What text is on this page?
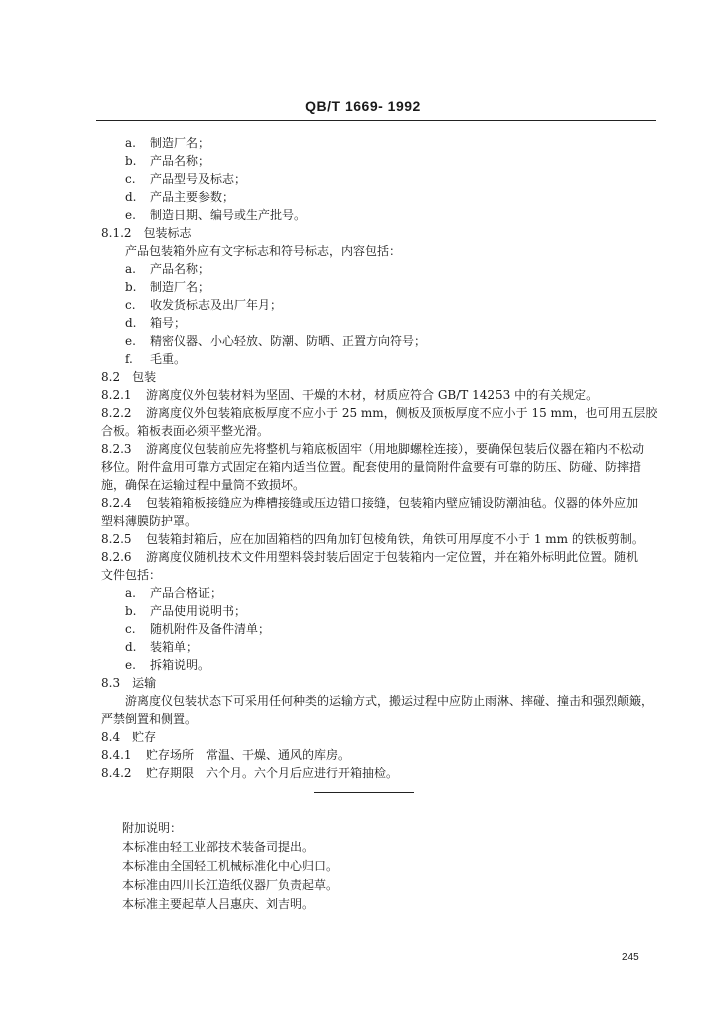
QB/T 1669- 1992
a. 制造厂名；
b. 产品名称；
c. 产品型号及标志；
d. 产品主要参数；
e. 制造日期、编号或生产批号。
8.1.2　包装标志
产品包装箱外应有文字标志和符号标志，内容包括：
a. 产品名称；
b. 制造厂名；
c. 收发货标志及出厂年月；
d. 箱号；
e. 精密仪器、小心轻放、防潮、防晒、正置方向符号；
f. 毛重。
8.2　包装
8.2.1 游离度仪外包装材料为坚固、干燥的木材，材质应符合 GB/T 14253 中的有关规定。
8.2.2 游离度仪外包装箱底板厚度不应小于 25 mm，侧板及顶板厚度不应小于 15 mm，也可用五层胶
合板。箱板表面必须平整光滑。
8.2.3 游离度仪包装前应先将整机与箱底板固牢（用地脚螺栓连接），要确保包装后仪器在箱内不松动
移位。附件盒用可靠方式固定在箱内适当位置。配套使用的量筒附件盒要有可靠的防压、防碰、防摔措
施，确保在运输过程中量筒不致损坏。
8.2.4 包装箱箱板接缝应为榫槽接缝或压边错口接缝，包装箱内壁应铺设防潮油毡。仪器的体外应加
塑料薄膜防护罩。
8.2.5 包装箱封箱后，应在加固箱档的四角加钉包棱角铁，角铁可用厚度不小于 1 mm 的铁板剪制。
8.2.6 游离度仪随机技术文件用塑料袋封装后固定于包装箱内一定位置，并在箱外标明此位置。随机
文件包括：
a. 产品合格证；
b. 产品使用说明书；
c. 随机附件及备件清单；
d. 装箱单；
e. 拆箱说明。
8.3　运输
游离度仪包装状态下可采用任何种类的运输方式，搬运过程中应防止雨淋、摔碰、撞击和强烈颠簸，
严禁倒置和侧置。
8.4　贮存
8.4.1 贮存场所　常温、干燥、通风的库房。
8.4.2 贮存期限　六个月。六个月后应进行开箱抽检。
附加说明：
本标准由轻工业部技术装备司提出。
本标准由全国轻工机械标准化中心归口。
本标准由四川长江造纸仪器厂负责起草。
本标准主要起草人吕惠庆、刘吉明。
245
